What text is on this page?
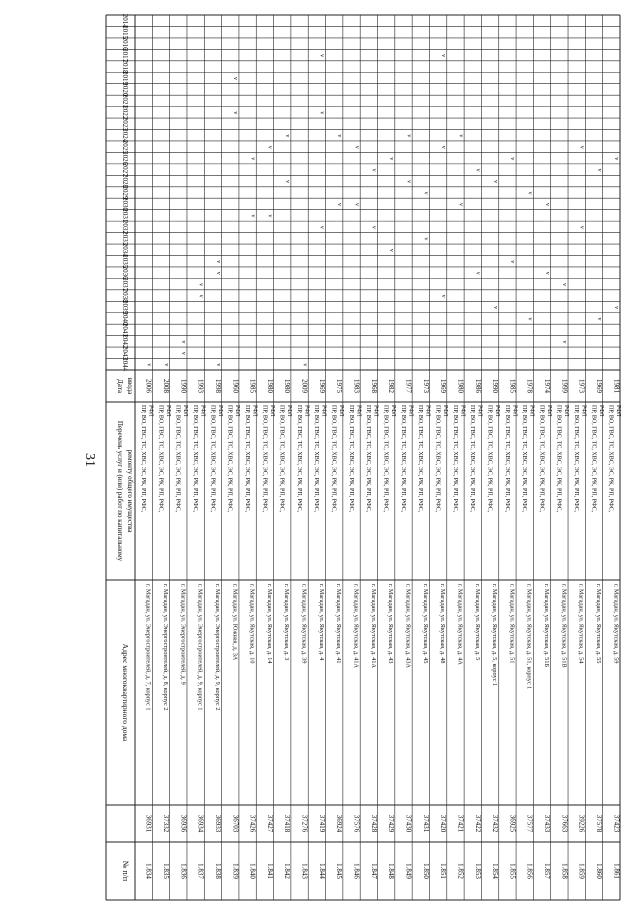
31
№ п/п
Адрес многоквартирного дома
Перечень услуг и (или) работ по капитальному ремонту общего имущества
Дата ввода
2014
2015
2016
2017
2018
2019
2020
2021
2022
2023
2024
2025
2026
2027
2028
2029
2030
2031
2032
2033
2034
2035
2036
2037
2038
2039
2040
2041
2042
2043
2044
1.834
36931
г. Магадан, ул. Энергостроителей, д. 7, корпус 1
ПР, ВО, ГВС, ТС, ХВС, ЭС, РК, РП, РФС, РФЛ
2006
v
1.835
37332
г. Магадан, ул. Энергостроителей, д. 8, корпус 2
ПР, ВО, ГВС, ТС, ХВС, ЭС, РК, РП, РФС, РФЛ
2008
v
1.836
36936
г. Магадан, ул. Энергостроителей, д. 9
ПР, ВО, ГВС, ТС, ХВС, ЭС, РК, РП, РФС, РФЛ
1990
v
v
1.837
36934
г. Магадан, ул. Энергостроителей, д. 9, корпус 1
ПР, ВО, ГВС, ТС, ХВС, ЭС, РК, РП, РФС, РФЛ
1993
v
v
1.838
36933
г. Магадан, ул. Энергостроителей, д. 9, корпус 2
ПР, ВО, ГВС, ТС, ХВС, ЭС, РК, РП, РФС, РФЛ
1998
v
v
v
1.839
36703
г. Магадан, ул. Южная, д. 3А
ПР, ВО, ГВС, ТС, ХВС, ЭС, РК, РП, РФС, РФЛ
1960
v
v
1.840
37426
г. Магадан, ул. Якутская, д. 10
ПР, ВО, ГВС, ТС, ХВС, ЭС, РК, РП, РФС, РФЛ
1985
v
v
1.841
37427
г. Магадан, ул. Якутская, д. 14
ПР, ВО, ГВС, ТС, ХВС, ЭС, РК, РП, РФС, РФЛ
1980
v
v
1.842
37418
г. Магадан, ул. Якутская, д. 3
ПР, ВО, ГВС, ТС, ХВС, ЭС, РК, РП, РФС, РФЛ
1980
v
v
1.843
37276
г. Магадан, ул. Якутская, д. 39
ПР, ВО, ГВС, ТС, ХВС, ЭС, РК, РП, РФС, РФЛ
2009
v
1.844
37419
г. Магадан, ул. Якутская, д. 4
ПР, ВО, ГВС, ТС, ХВС, ЭС, РК, РП, РФС, РФЛ
1969
v
v
v
1.845
36924
г. Магадан, ул. Якутская, д. 41
ПР, ВО, ГВС, ТС, ХВС, ЭС, РК, РП, РФС, РФЛ
1975
v
v
1.846
37576
г. Магадан, ул. Якутская, д. 41А
ПР, ВО, ГВС, ТС, ХВС, ЭС, РК, РП, РФС, РФЛ
1983
v
v
1.847
37428
г. Магадан, ул. Якутская, д. 41А
ПР, ВО, ГВС, ТС, ХВС, ЭС, РК, РП, РФС, РФЛ
1968
v
v
1.848
37429
г. Магадан, ул. Якутская, д. 43
ПР, ВО, ГВС, ТС, ХВС, ЭС, РК, РП, РФС, РФЛ
1982
v
v
1.849
37430
г. Магадан, ул. Якутская, д. 43А
ПР, ВО, ГВС, ТС, ХВС, ЭС, РК, РП, РФС, РФЛ
1977
v
v
1.850
37431
г. Магадан, ул. Якутская, д. 45
ПР, ВО, ГВС, ТС, ХВС, ЭС, РК, РП, РФС, РФЛ
1973
v
v
1.851
37420
г. Магадан, ул. Якутская, д. 48
ПР, ВО, ГВС, ТС, ХВС, ЭС, РК, РП, РФС, РФЛ
1969
v
v
v
1.852
37421
г. Магадан, ул. Якутская, д. 4А
ПР, ВО, ГВС, ТС, ХВС, ЭС, РК, РП, РФС, РФЛ
1980
v
v
1.853
37422
г. Магадан, ул. Якутская, д. 5
ПР, ВО, ГВС, ТС, ХВС, ЭС, РК, РП, РФС, РФЛ
1986
v
v
1.854
37432
г. Магадан, ул. Якутская, д. 5, корпус 1
ПР, ВО, ГВС, ТС, ХВС, ЭС, РК, РП, РФС, РФЛ
1990
v
v
1.855
36925
г. Магадан, ул. Якутская, д. 51
ПР, ВО, ГВС, ТС, ХВС, ЭС, РК, РП, РФС, РФЛ
1985
v
v
1.856
37577
г. Магадан, ул. Якутская, д. 51, корпус 1
ПР, ВО, ГВС, ТС, ХВС, ЭС, РК, РП, РФС, РФЛ
1978
v
v
1.857
37433
г. Магадан, ул. Якутская, д. 51Б
ПР, ВО, ГВС, ТС, ХВС, ЭС, РК, РП, РФС, РФЛ
1974
v
v
1.858
37663
г. Магадан, ул. Якутская, д. 51В
ПР, ВО, ГВС, ТС, ХВС, ЭС, РК, РП, РФС, РФЛ
1999
v
v
1.859
39226
г. Магадан, ул. Якутская, д. 54
ПР, ВО, ГВС, ТС, ХВС, ЭС, РК, РП, РФС, РФЛ
1973
v
v
1.860
37578
г. Магадан, ул. Якутская, д. 55
ПР, ВО, ГВС, ТС, ХВС, ЭС, РК, РП, РФС, РФЛ
1969
v
v
1.861
37423
г. Магадан, ул. Якутская, д. 59
ПР, ВО, ГВС, ТС, ХВС, ЭС, РК, РП, РФС, РФЛ
1981
v
v
